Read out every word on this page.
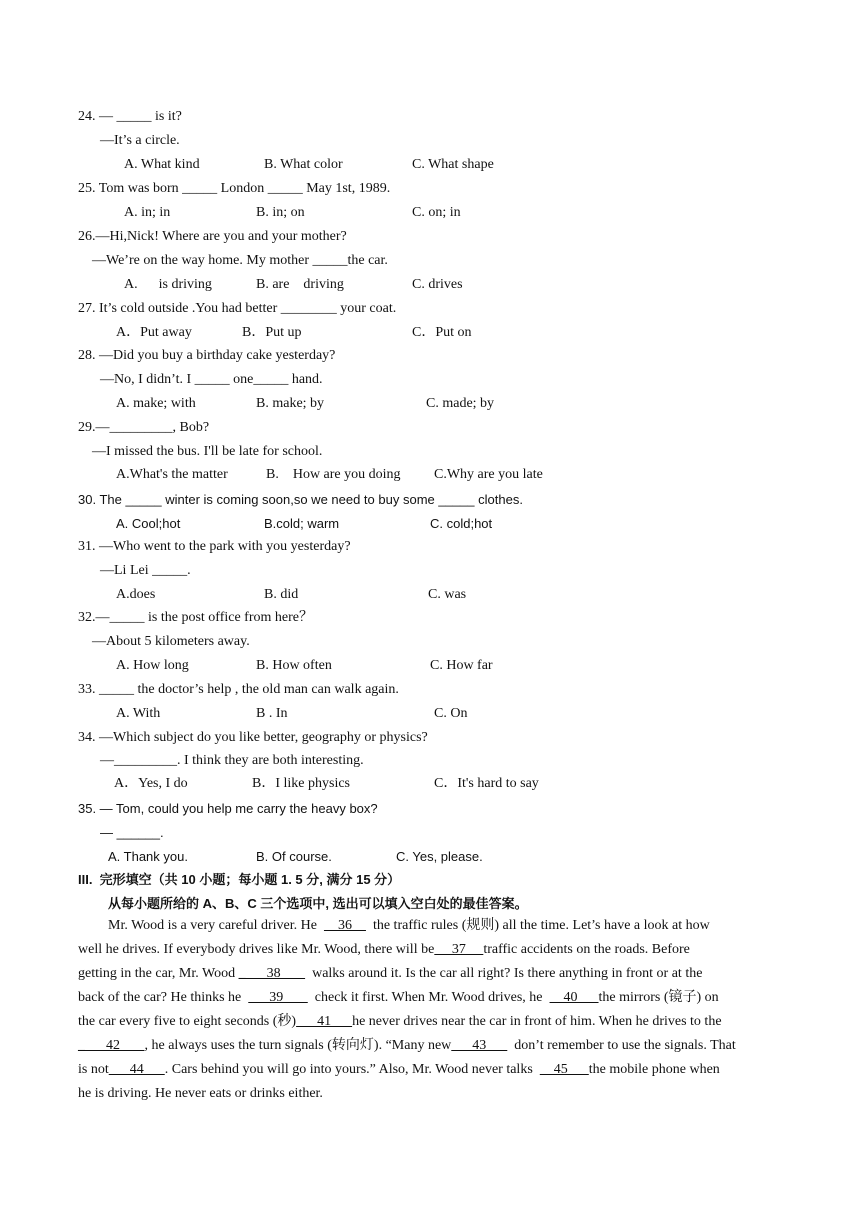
24. — _____ is it?
—It’s a circle.
A. What kind	B. What color	C. What shape
25. Tom was born _____ London _____ May 1st, 1989.
A. in; in	B. in; on	C. on; in
26.—Hi,Nick! Where are you and your mother?
—We’re on the way home. My mother _____the car.
A.      is driving	B. are    driving	C. drives
27. It’s cold outside .You had better ________ your coat.
A．Put away	B．Put up	C．Put on
28. —Did you buy a birthday cake yesterday?
—No, I didn’t. I _____ one_____ hand.
A. make; with	B. make; by	C. made; by
29.—_________, Bob?
—I missed the bus. I'll be late for school.
A.What's the matter	B.    How are you doing C.Why are you late
30. The _____ winter is coming soon,so we need to buy some _____ clothes.
A. Cool;hot	B.cold; warm	C. cold;hot
31. —Who went to the park with you yesterday?
—Li Lei _____.
A.does	B. did	C. was
32.—_____ is the post office from here？
—About 5 kilometers away.
A. How long	B. How often	C. How far
33. _____ the doctor’s help , the old man can walk again.
A. With	B . In	C. On
34. —Which subject do you like better, geography or physics?
—_________. I think they are both interesting.
A．Yes, I do	B．I like physics	C．It's hard to say
35. — Tom, could you help me carry the heavy box?
— ______.
A. Thank you.	B. Of course.	C. Yes, please.
III.  完形填空（共 10 小题；每小题 1. 5 分, 满分 15 分）
从每小题所给的 A、B、C 三个选项中, 选出可以填入空白处的最佳答案。
Mr. Wood is a very careful driver. He      36      the traffic rules (规则) all the time. Let’s have a look at how
well he drives. If everybody drives like Mr. Wood, there will be     37     traffic accidents on the roads. Before
getting in the car, Mr. Wood _      38         walks around it. Is the car all right? Is there anything in front or at the
back of the car? He thinks he        39         check it first. When Mr. Wood drives, he      40      the mirrors (镜子) on
the car every five to eight seconds (秒)      41      he never drives near the car in front of him. When he drives to the
_      42       , he always uses the turn signals (转向灯). “Many new      43        don’t remember to use the signals. That
is not      44      . Cars behind you will go into yours.” Also, Mr. Wood never talks      45      the mobile phone when
he is driving. He never eats or drinks either.
